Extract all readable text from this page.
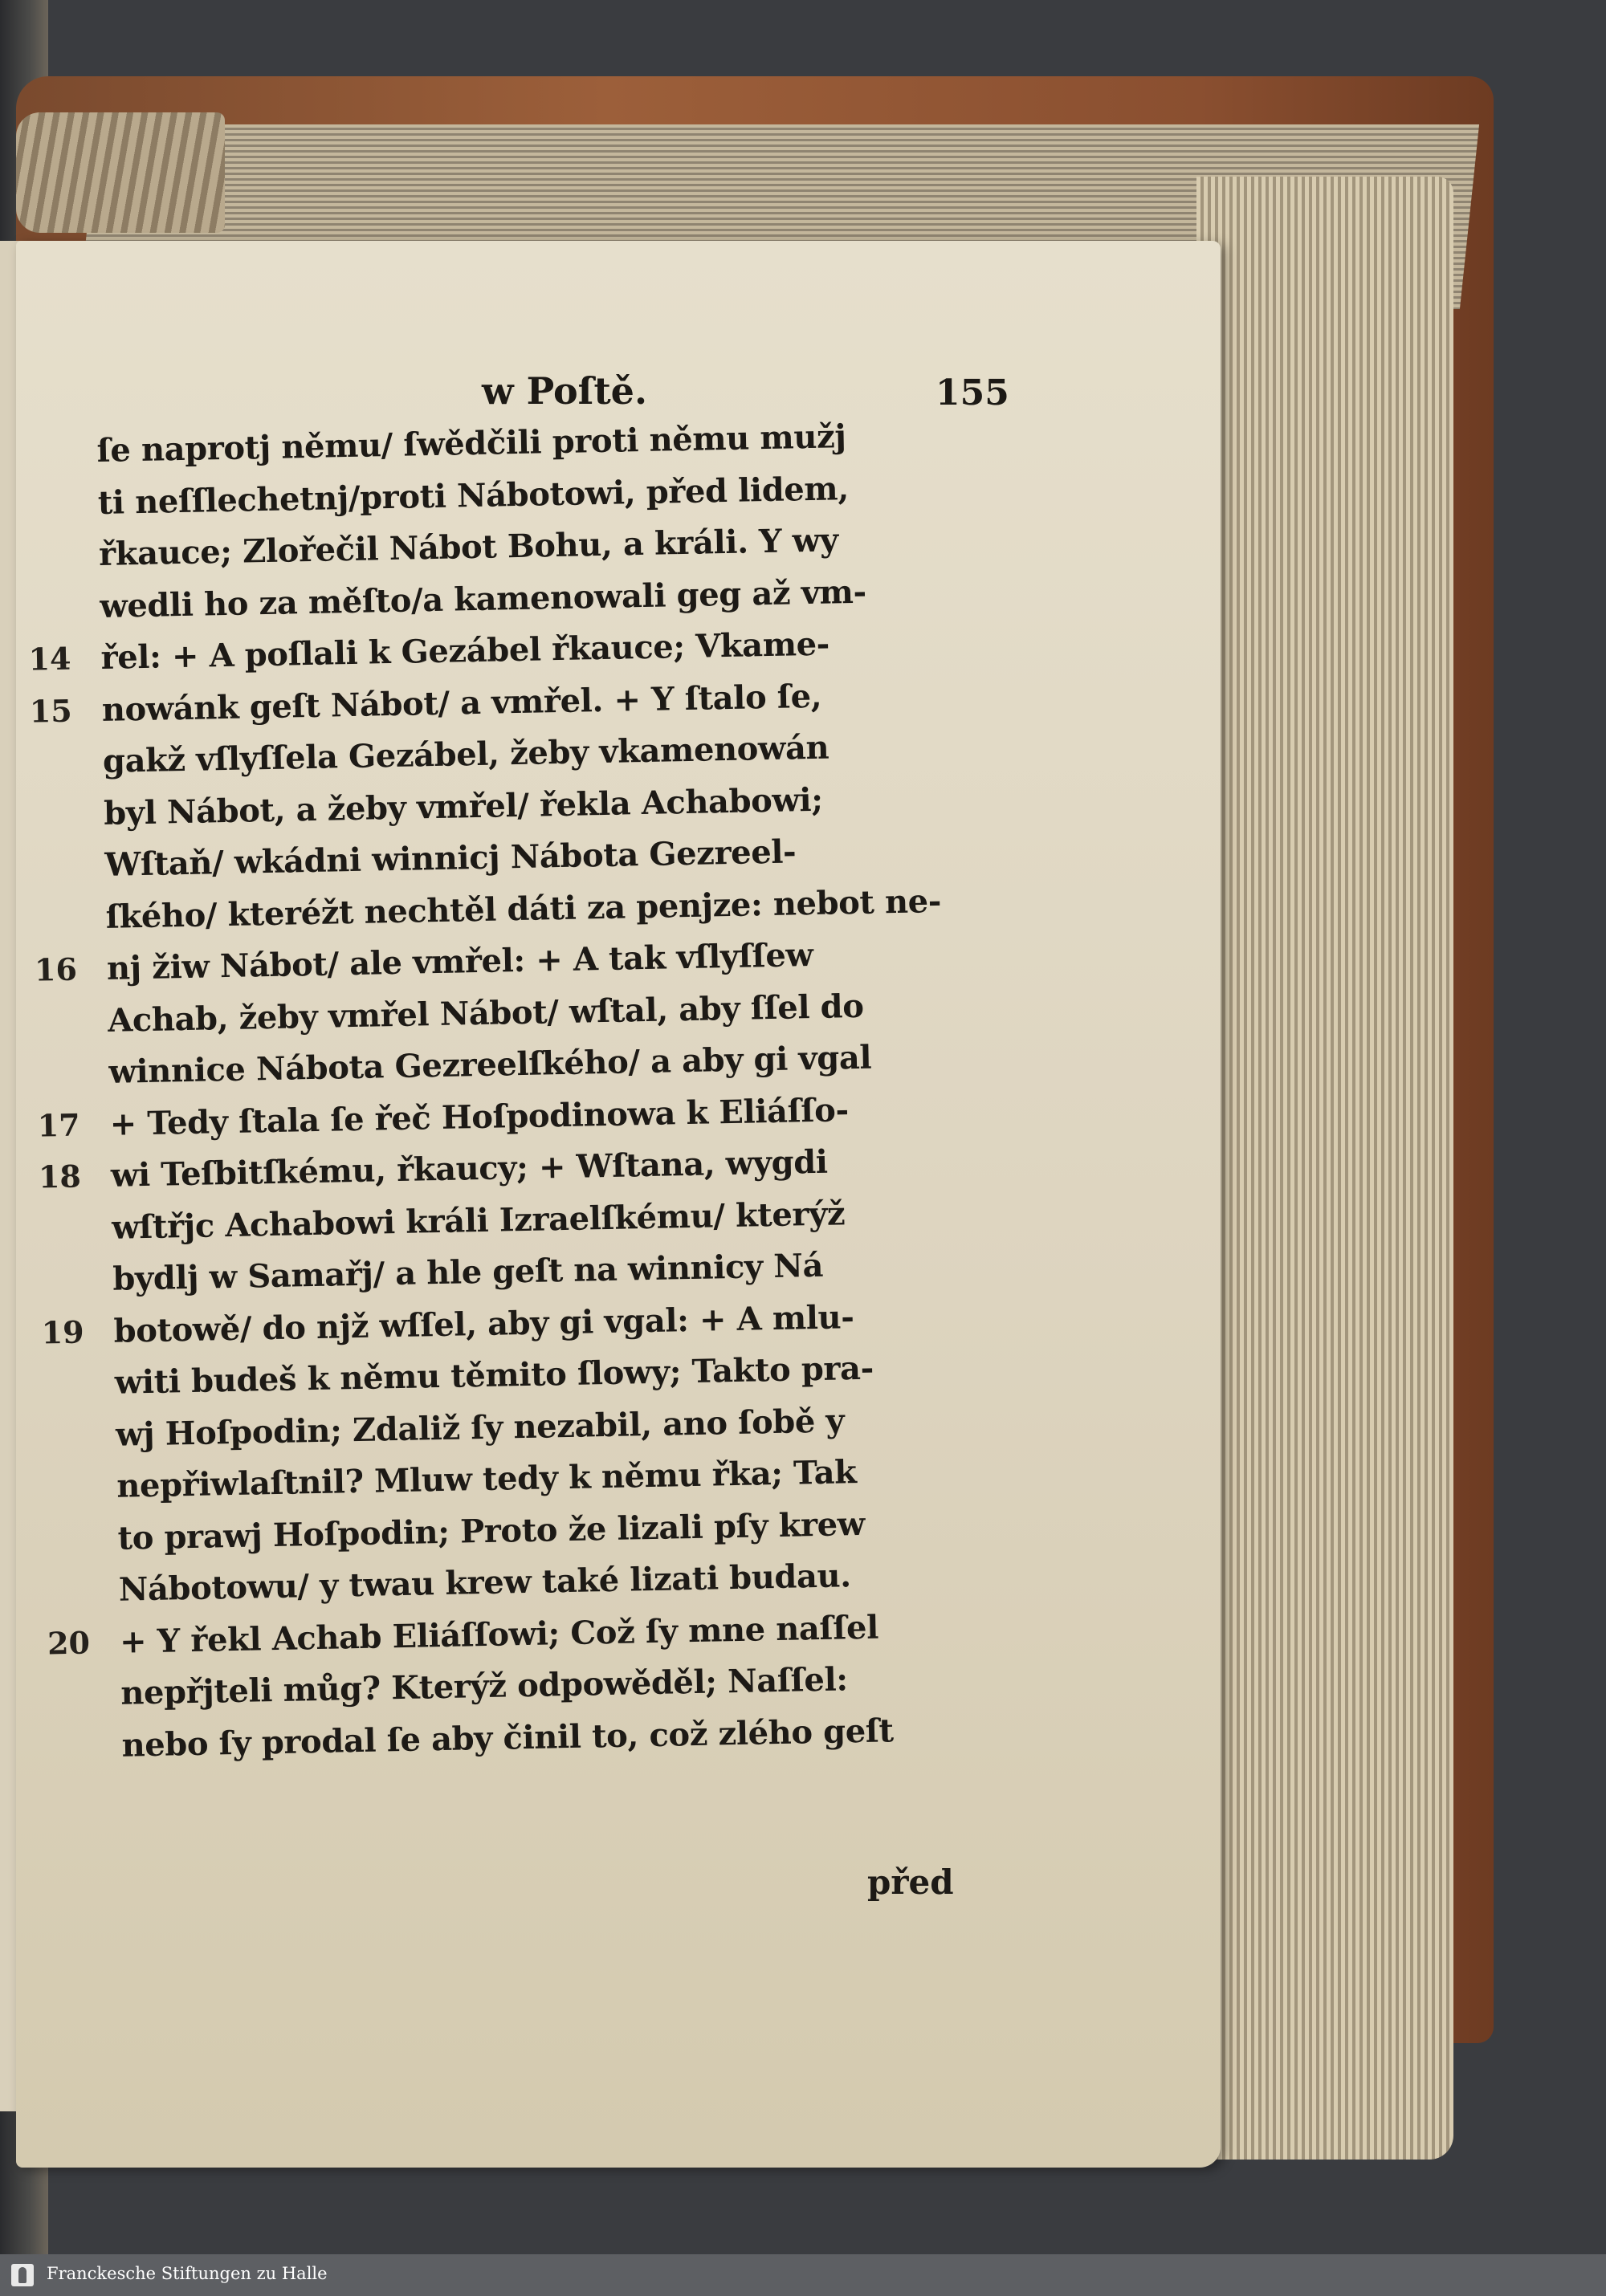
w Poſtě.	155
ſe naprotj němu/ ſwědčili proti němu mužj
ti neſſlechetnj/proti Nábotowi, před lidem,
řkauce; Zlořečil Nábot Bohu, a králi. Y wy
wedli ho za měſto/a kamenowali geg až vm-
14 řel: + A poſlali k Gezábel řkauce; Vkame-
15 nowánk geſt Nábot/ a vmřel. + Y ſtalo ſe,
gakž vſlyſſela Gezábel, žeby vkamenowán
byl Nábot, a žeby vmřel/ řekla Achabowi;
Wſtaň/ wkádni winnicj Nábota Gezreel-
ſkého/ kteréžt nechtěl dáti za penjze: nebot ne-
16 nj žiw Nábot/ ale vmřel: + A tak vſlyſſew
Achab, žeby vmřel Nábot/ wſtal, aby ſſel do
winnice Nábota Gezreelſkého/ a aby gi vgal
17 + Tedy ſtala ſe řeč Hoſpodinowa k Eliáſſo-
18 wi Teſbitſkému, řkaucy; + Wſtana, wygdi
wſtřjc Achabowi králi Izraelſkému/ kterýž
bydlj w Samařj/ a hle geſt na winnicy Ná
19 botowě/ do njž wſſel, aby gi vgal: + A mlu-
witi budeš k němu těmito ſlowy; Takto pra-
wj Hoſpodin; Zdaliž ſy nezabil, ano ſobě y
nepřiwlaſtnil? Mluw tedy k němu řka; Tak
to prawj Hoſpodin; Proto že lizali pſy krew
Nábotowu/ y twau krew také lizati budau.
20 + Y řekl Achab Eliáſſowi; Což ſy mne naſſel
nepřjteli můg? Kterýž odpowěděl; Naſſel:
nebo ſy prodal ſe aby činil to, což zlého geſt
před
Franckesche Stiftungen zu Halle
